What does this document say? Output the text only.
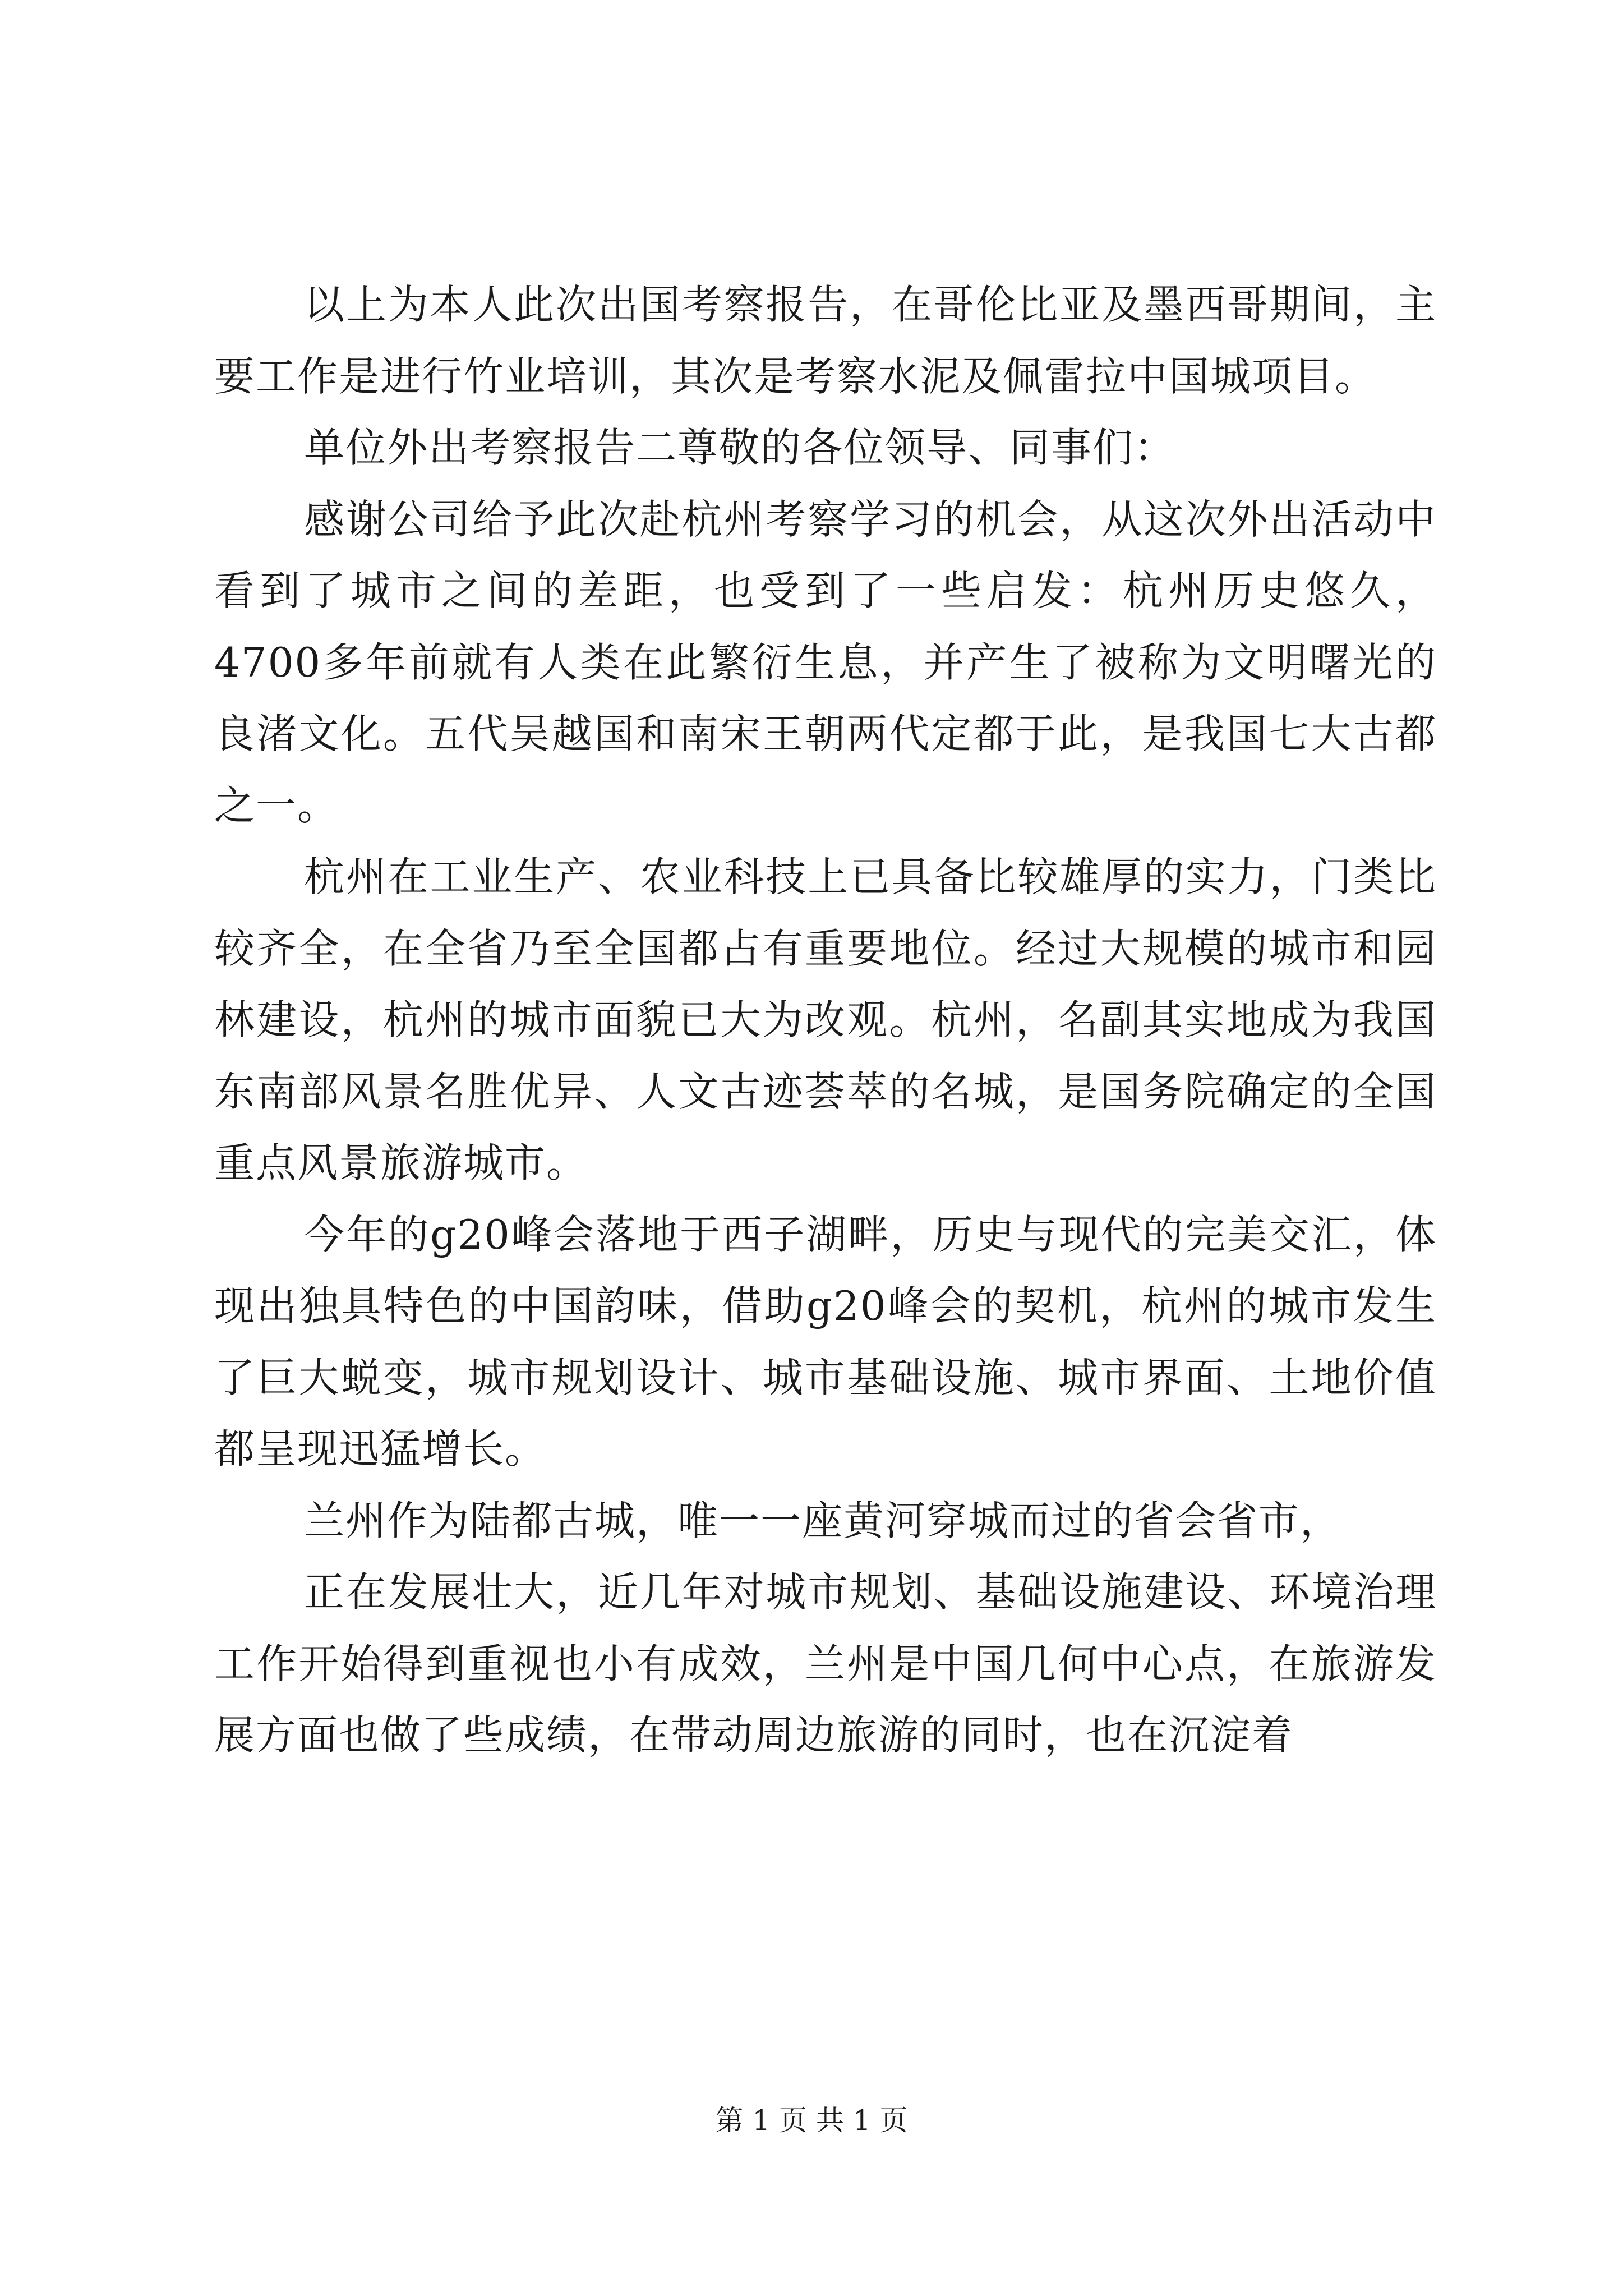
以上为本人此次出国考察报告，在哥伦比亚及墨西哥期间，主要工作是进行竹业培训，其次是考察水泥及佩雷拉中国城项目。

单位外出考察报告二尊敬的各位领导、同事们：

感谢公司给予此次赴杭州考察学习的机会，从这次外出活动中看到了城市之间的差距，也受到了一些启发：杭州历史悠久，4700多年前就有人类在此繁衍生息，并产生了被称为文明曙光的良渚文化。五代吴越国和南宋王朝两代定都于此，是我国七大古都之一。

杭州在工业生产、农业科技上已具备比较雄厚的实力，门类比较齐全，在全省乃至全国都占有重要地位。经过大规模的城市和园林建设，杭州的城市面貌已大为改观。杭州，名副其实地成为我国东南部风景名胜优异、人文古迹荟萃的名城，是国务院确定的全国重点风景旅游城市。

今年的g20峰会落地于西子湖畔，历史与现代的完美交汇，体现出独具特色的中国韵味，借助g20峰会的契机，杭州的城市发生了巨大蜕变，城市规划设计、城市基础设施、城市界面、土地价值都呈现迅猛增长。

兰州作为陆都古城，唯一一座黄河穿城而过的省会省市，

正在发展壮大，近几年对城市规划、基础设施建设、环境治理工作开始得到重视也小有成效，兰州是中国几何中心点，在旅游发展方面也做了些成绩，在带动周边旅游的同时，也在沉淀着

第 1 页 共 1 页
